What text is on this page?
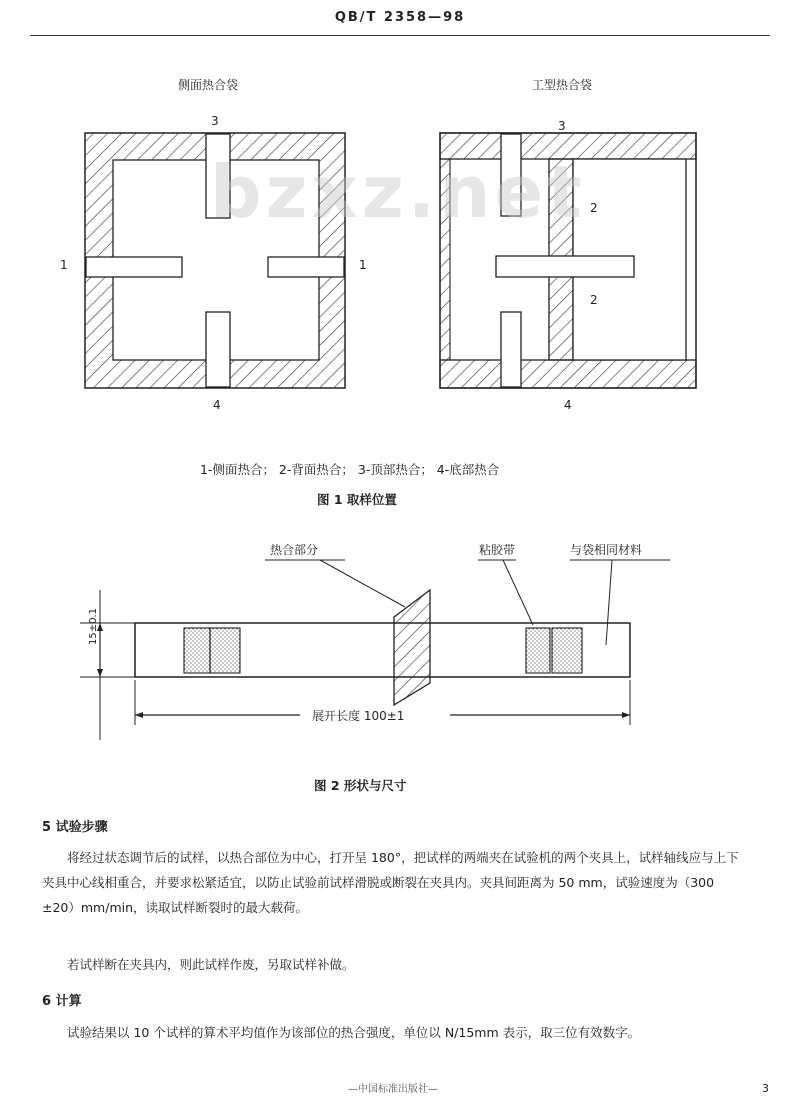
QB/T 2358—98
侧面热合袋	工型热合袋
bzxz.net
3	3
1	1
2
2
4	4
1-侧面热合； 2-背面热合； 3-顶部热合； 4-底部热合
图 1 取样位置
热合部分	粘胶带	与袋相同材料
15±0.1
展开长度 100±1
图 2 形状与尺寸
5 试验步骤
将经过状态调节后的试样，以热合部位为中心，打开呈 180°，把试样的两端夹在试验机的两个夹具上，试样轴线应与上下夹具中心线相重合，并要求松紧适宜，以防止试验前试样滑脱或断裂在夹具内。夹具间距离为 50 mm，试验速度为（300 ±20）mm/min，读取试样断裂时的最大载荷。
若试样断在夹具内，则此试样作废，另取试样补做。
6 计算
试验结果以 10 个试样的算术平均值作为该部位的热合强度，单位以 N/15mm 表示，取三位有效数字。
—中国标准出版社—	3
